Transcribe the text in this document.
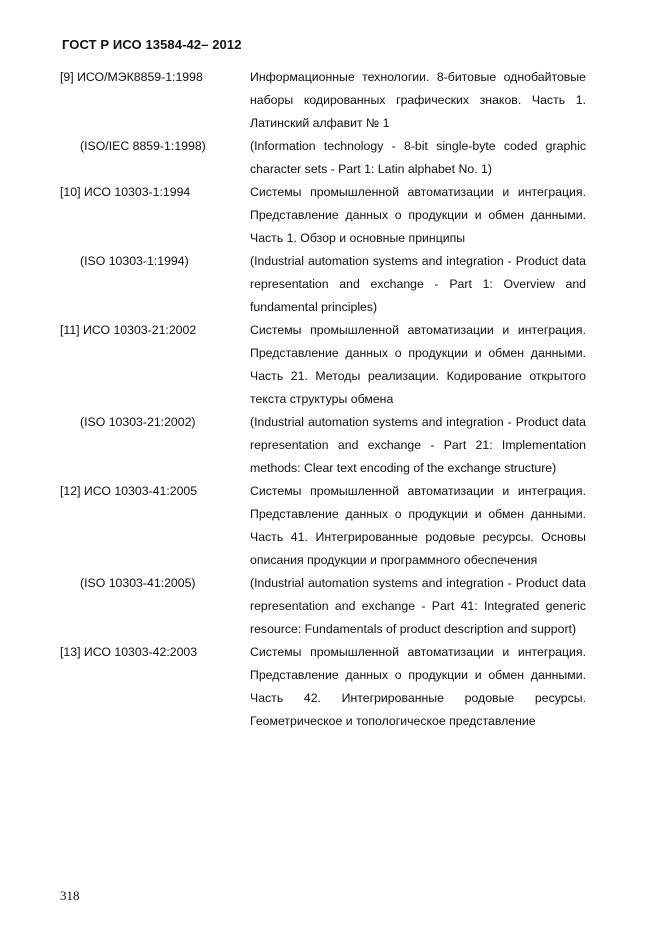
ГОСТ Р ИСО 13584-42– 2012
[9] ИСО/МЭК8859-1:1998	Информационные технологии. 8-битовые однобайтовые наборы кодированных графических знаков. Часть 1. Латинский алфавит № 1
(ISO/IEC 8859-1:1998)	(Information technology - 8-bit single-byte coded graphic character sets - Part 1: Latin alphabet No. 1)
[10] ИСО 10303-1:1994	Системы промышленной автоматизации и интеграция. Представление данных о продукции и обмен данными. Часть 1. Обзор и основные принципы
(ISO 10303-1:1994)	(Industrial automation systems and integration - Product data representation and exchange - Part 1: Overview and fundamental principles)
[11] ИСО 10303-21:2002	Системы промышленной автоматизации и интеграция. Представление данных о продукции и обмен данными. Часть 21. Методы реализации. Кодирование открытого текста структуры обмена
(ISO 10303-21:2002)	(Industrial automation systems and integration - Product data representation and exchange - Part 21: Implementation methods: Clear text encoding of the exchange structure)
[12] ИСО 10303-41:2005	Системы промышленной автоматизации и интеграция. Представление данных о продукции и обмен данными. Часть 41. Интегрированные родовые ресурсы. Основы описания продукции и программного обеспечения
(ISO 10303-41:2005)	(Industrial automation systems and integration - Product data representation and exchange - Part 41: Integrated generic resource: Fundamentals of product description and support)
[13] ИСО 10303-42:2003	Системы промышленной автоматизации и интеграция. Представление данных о продукции и обмен данными. Часть 42. Интегрированные родовые ресурсы. Геометрическое и топологическое представление
318
